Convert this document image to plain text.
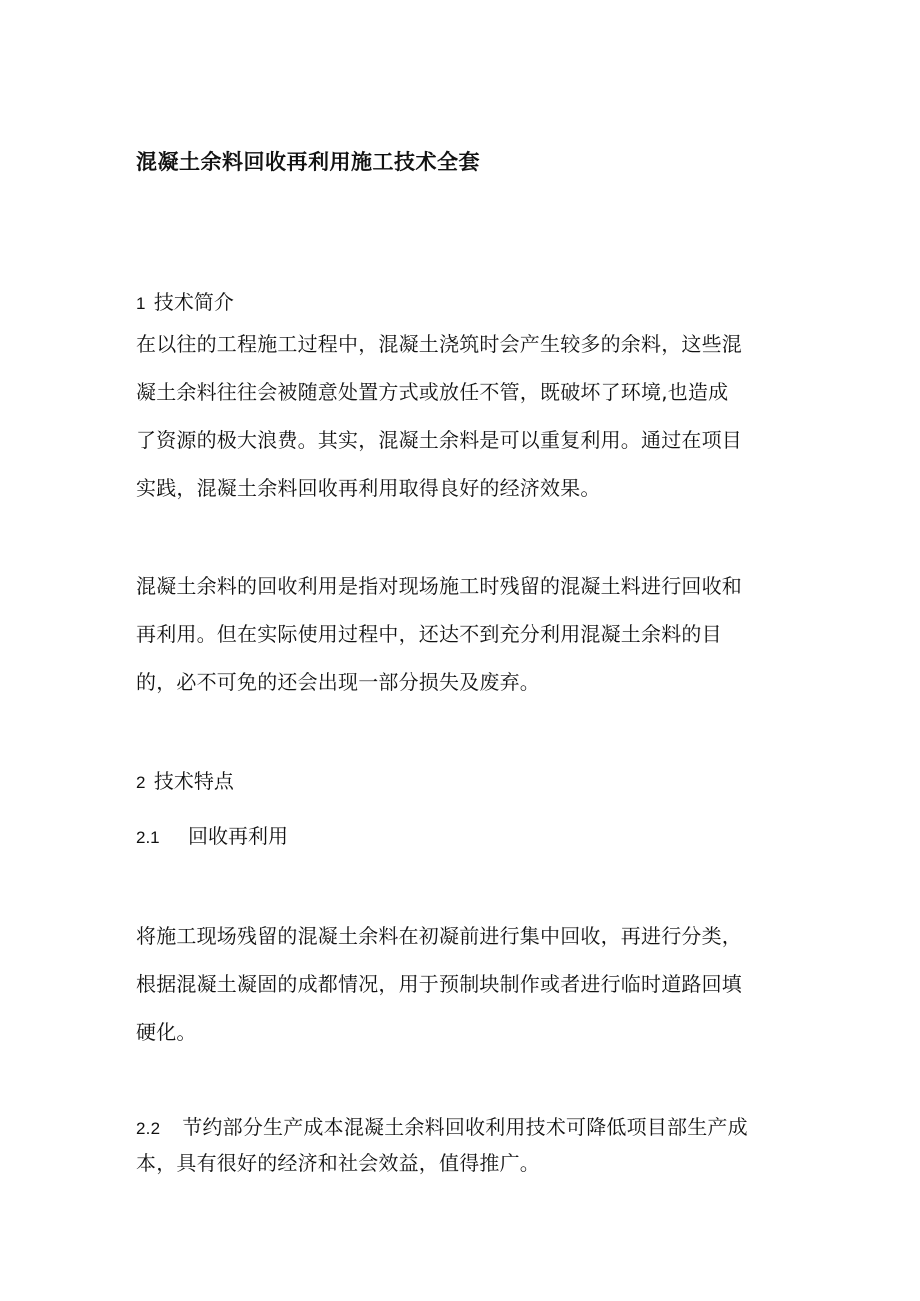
混凝土余料回收再利用施工技术全套
1 技术简介
在以往的工程施工过程中，混凝土浇筑时会产生较多的余料，这些混
凝土余料往往会被随意处置方式或放任不管，既破坏了环境,也造成
了资源的极大浪费。其实，混凝土余料是可以重复利用。通过在项目
实践，混凝土余料回收再利用取得良好的经济效果。
混凝土余料的回收利用是指对现场施工时残留的混凝土料进行回收和
再利用。但在实际使用过程中，还达不到充分利用混凝土余料的目
的，必不可免的还会出现一部分损失及废弃。
2 技术特点
2.1 回收再利用
将施工现场残留的混凝土余料在初凝前进行集中回收，再进行分类，
根据混凝土凝固的成都情况，用于预制块制作或者进行临时道路回填
硬化。
2.2 节约部分生产成本混凝土余料回收利用技术可降低项目部生产成
本，具有很好的经济和社会效益，值得推广。
